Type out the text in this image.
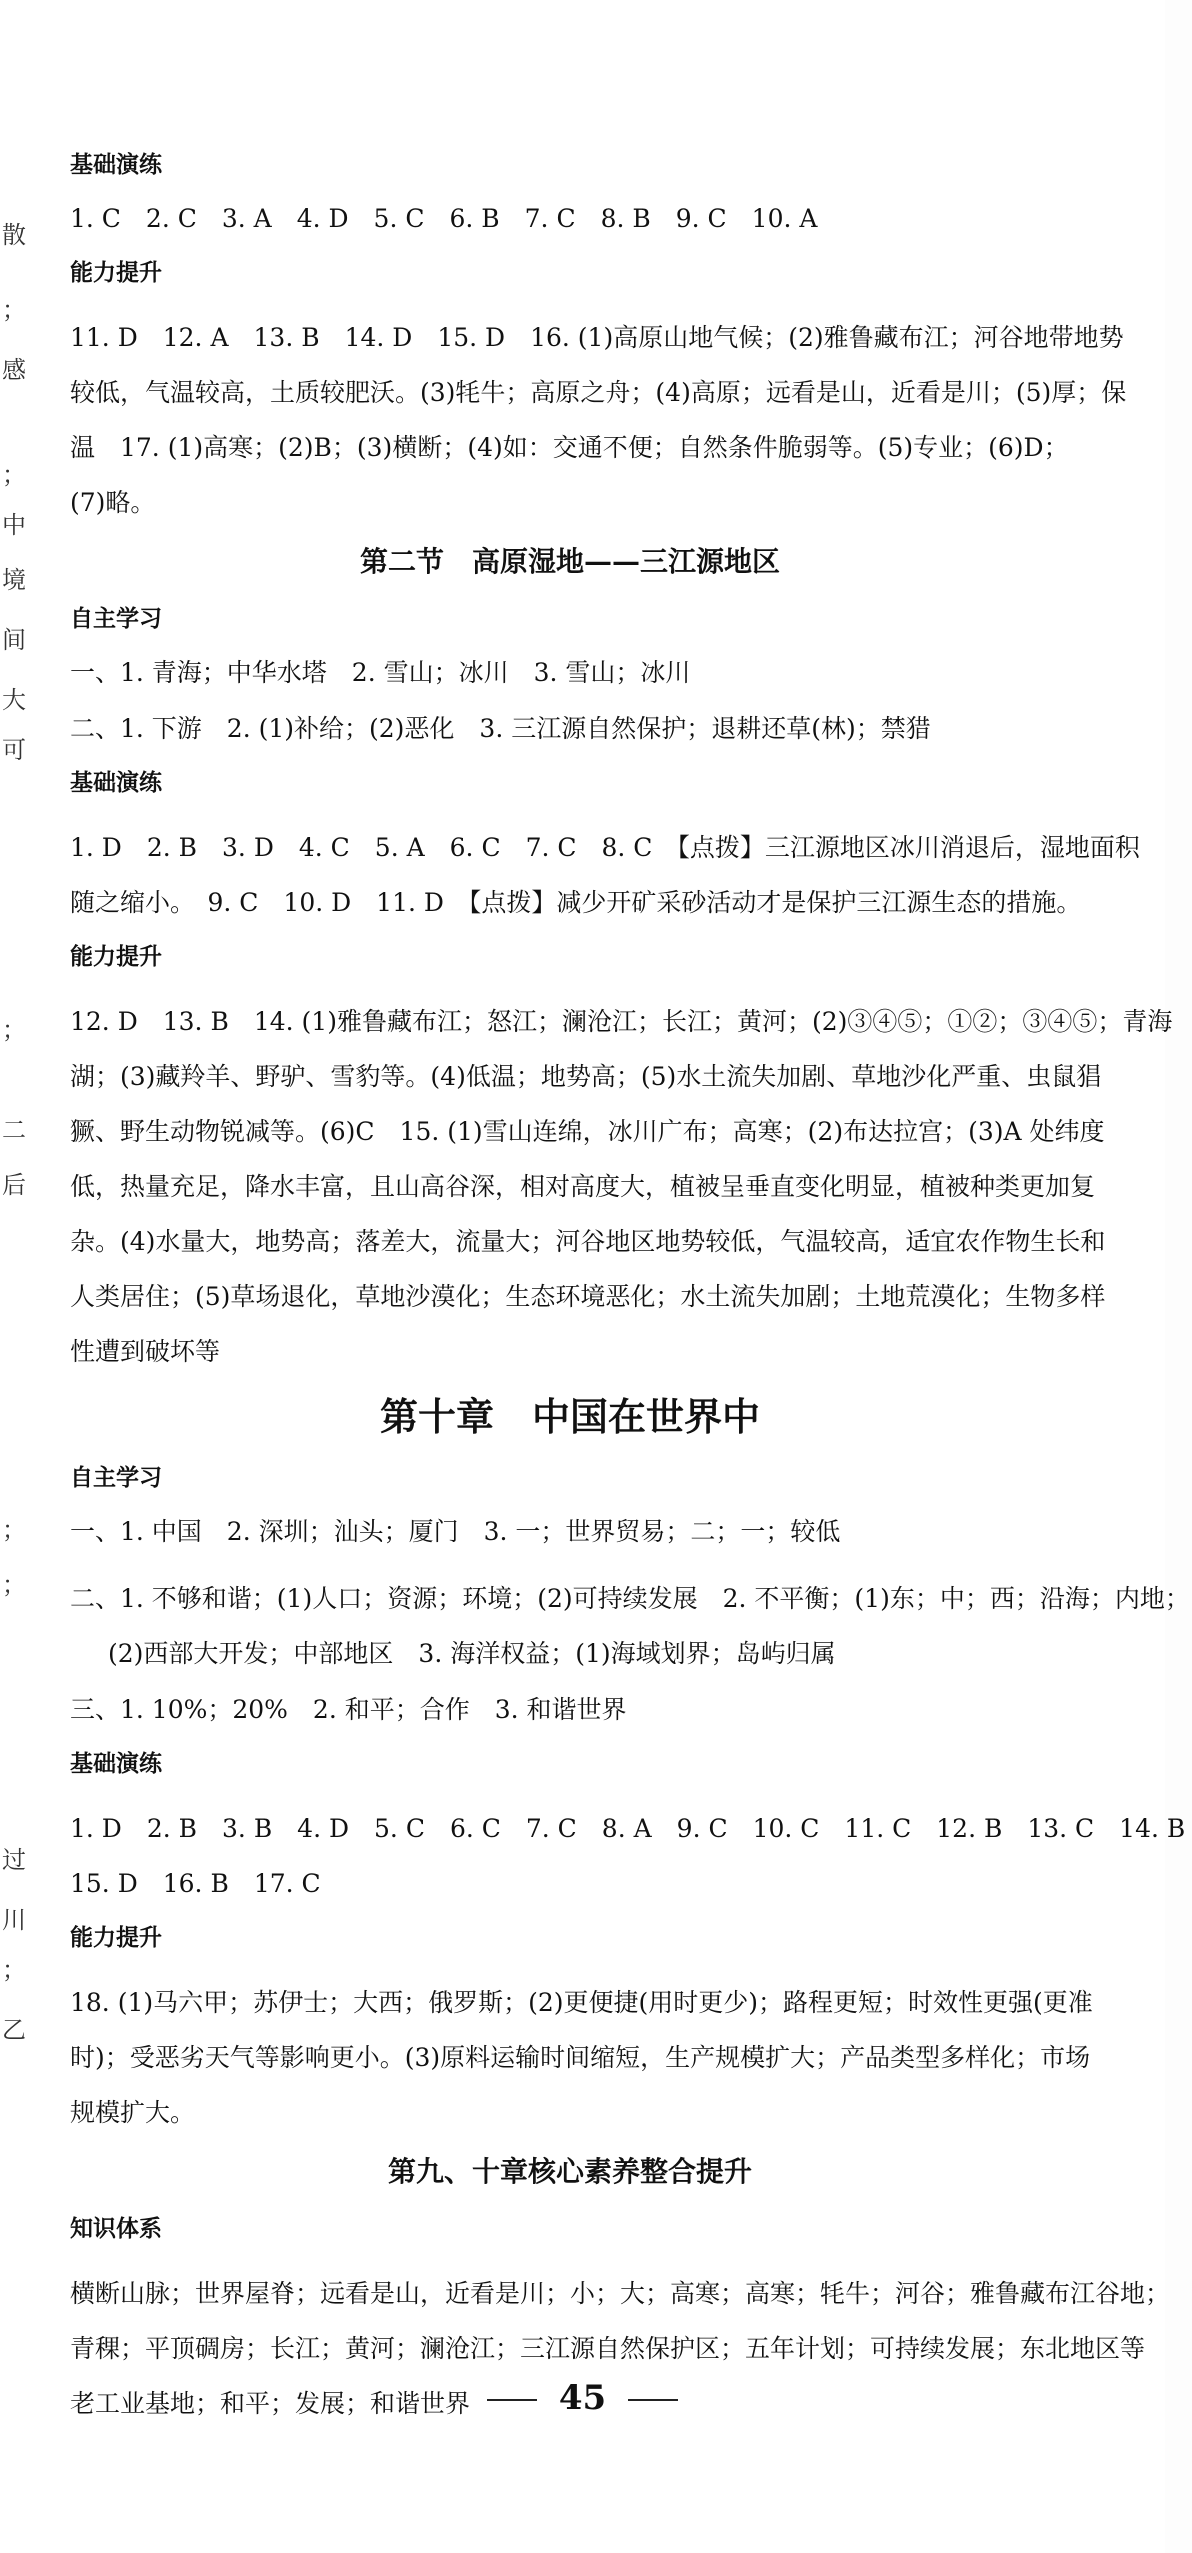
散
；
感
；
中
境
间
大
可
；
二
后
；
；
过
川
；
乙
基础演练
1. C　2. C　3. A　4. D　5. C　6. B　7. C　8. B　9. C　10. A
能力提升
11. D　12. A　13. B　14. D　15. D　16. (1)高原山地气候；(2)雅鲁藏布江；河谷地带地势
较低，气温较高，土质较肥沃。(3)牦牛；高原之舟；(4)高原；远看是山，近看是川；(5)厚；保
温　17. (1)高寒；(2)B；(3)横断；(4)如：交通不便；自然条件脆弱等。(5)专业；(6)D；
(7)略。
第二节　高原湿地——三江源地区
自主学习
一、1. 青海；中华水塔　2. 雪山；冰川　3. 雪山；冰川
二、1. 下游　2. (1)补给；(2)恶化　3. 三江源自然保护；退耕还草(林)；禁猎
基础演练
1. D　2. B　3. D　4. C　5. A　6. C　7. C　8. C　【点拨】三江源地区冰川消退后，湿地面积
随之缩小。　9. C　10. D　11. D　【点拨】减少开矿采砂活动才是保护三江源生态的措施。
能力提升
12. D　13. B　14. (1)雅鲁藏布江；怒江；澜沧江；长江；黄河；(2)③④⑤；①②；③④⑤；青海
湖；(3)藏羚羊、野驴、雪豹等。(4)低温；地势高；(5)水土流失加剧、草地沙化严重、虫鼠猖
獗、野生动物锐减等。(6)C　15. (1)雪山连绵，冰川广布；高寒；(2)布达拉宫；(3)A 处纬度
低，热量充足，降水丰富，且山高谷深，相对高度大，植被呈垂直变化明显，植被种类更加复
杂。(4)水量大，地势高；落差大，流量大；河谷地区地势较低，气温较高，适宜农作物生长和
人类居住；(5)草场退化，草地沙漠化；生态环境恶化；水土流失加剧；土地荒漠化；生物多样
性遭到破坏等
第十章　中国在世界中
自主学习
一、1. 中国　2. 深圳；汕头；厦门　3. 一；世界贸易；二；一；较低
二、1. 不够和谐；(1)人口；资源；环境；(2)可持续发展　2. 不平衡；(1)东；中；西；沿海；内地；
(2)西部大开发；中部地区　3. 海洋权益；(1)海域划界；岛屿归属
三、1. 10%；20%　2. 和平；合作　3. 和谐世界
基础演练
1. D　2. B　3. B　4. D　5. C　6. C　7. C　8. A　9. C　10. C　11. C　12. B　13. C　14. B
15. D　16. B　17. C
能力提升
18. (1)马六甲；苏伊士；大西；俄罗斯；(2)更便捷(用时更少)；路程更短；时效性更强(更准
时)；受恶劣天气等影响更小。(3)原料运输时间缩短，生产规模扩大；产品类型多样化；市场
规模扩大。
第九、十章核心素养整合提升
知识体系
横断山脉；世界屋脊；远看是山，近看是川；小；大；高寒；高寒；牦牛；河谷；雅鲁藏布江谷地；
青稞；平顶碉房；长江；黄河；澜沧江；三江源自然保护区；五年计划；可持续发展；东北地区等
老工业基地；和平；发展；和谐世界	45
